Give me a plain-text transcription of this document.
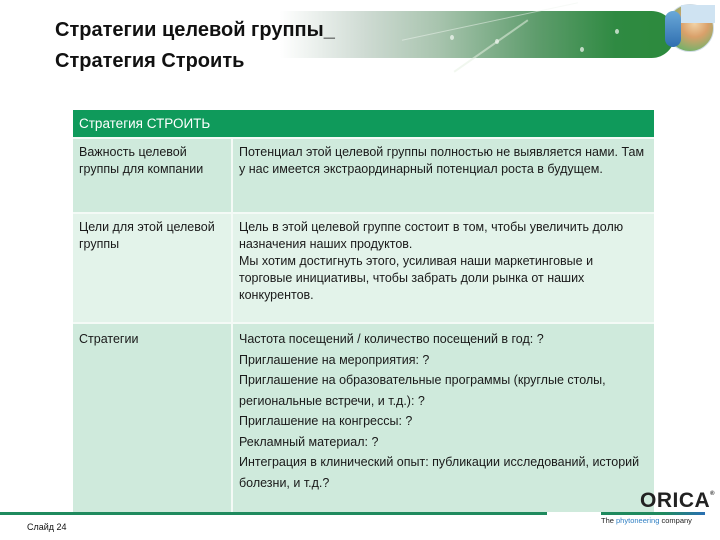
Стратегии целевой группы_
Стратегия Строить
Стратегия СТРОИТЬ	
Важность целевой группы для компании	Потенциал этой целевой группы полностью не выявляется нами. Там у нас имеется экстраординарный потенциал роста в будущем.

Цели для этой целевой группы	Цель в этой целевой группе состоит в том, чтобы увеличить долю назначения наших продуктов.
Мы хотим достигнуть этого, усиливая наши маркетинговые и торговые инициативы, чтобы забрать доли рынка от наших конкурентов.

Стратегии	Частота посещений / количество посещений в год: ?
Приглашение на мероприятия: ?
Приглашение на образовательные программы (круглые столы, региональные встречи, и т.д.): ?
Приглашение на конгрессы: ?
Рекламный материал: ?
Интеграция в клинический опыт: публикации исследований, историй болезни, и т.д.?
Слайд 24
ORICA®
The phytoneering company
